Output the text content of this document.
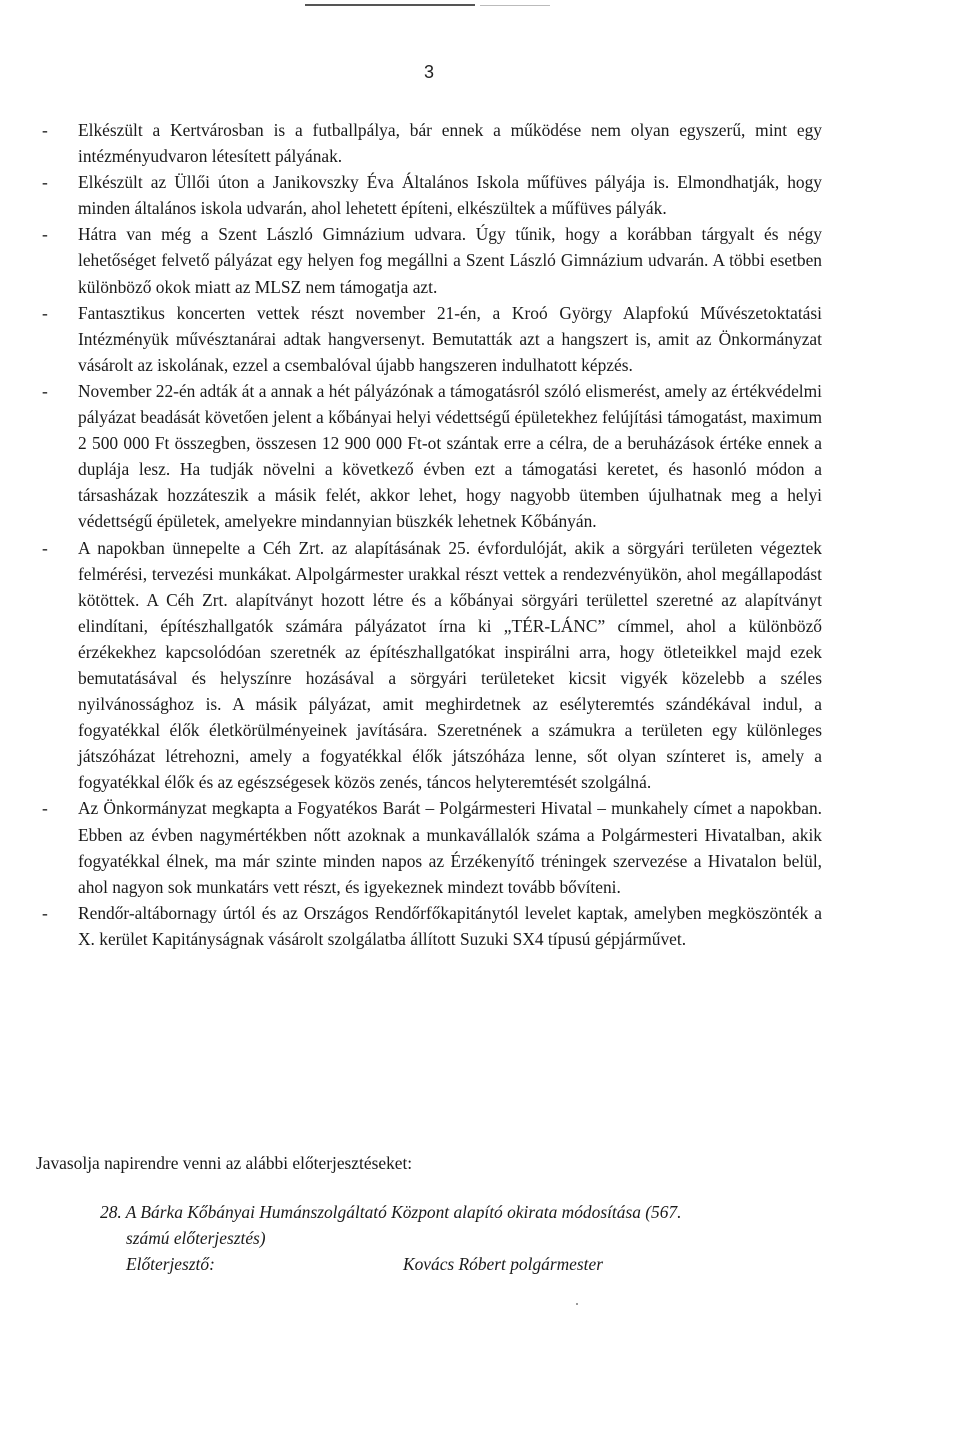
3
- Elkészült a Kertvárosban is a futballpálya, bár ennek a működése nem olyan egyszerű, mint egy intézményudvaron létesített pályának.
- Elkészült az Üllői úton a Janikovszky Éva Általános Iskola műfüves pályája is. Elmondhatják, hogy minden általános iskola udvarán, ahol lehetett építeni, elkészültek a műfüves pályák.
- Hátra van még a Szent László Gimnázium udvara. Úgy tűnik, hogy a korábban tárgyalt és négy lehetőséget felvető pályázat egy helyen fog megállni a Szent László Gimnázium udvarán. A többi esetben különböző okok miatt az MLSZ nem támogatja azt.
- Fantasztikus koncerten vettek részt november 21-én, a Kroó György Alapfokú Művészetoktatási Intézményük művésztanárai adtak hangversenyt. Bemutatták azt a hangszert is, amit az Önkormányzat vásárolt az iskolának, ezzel a csembalóval újabb hangszeren indulhatott képzés.
- November 22-én adták át a annak a hét pályázónak a támogatásról szóló elismerést, amely az értékvédelmi pályázat beadását követően jelent a kőbányai helyi védettségű épületekhez felújítási támogatást, maximum 2 500 000 Ft összegben, összesen 12 900 000 Ft-ot szántak erre a célra, de a beruházások értéke ennek a duplája lesz. Ha tudják növelni a következő évben ezt a támogatási keretet, és hasonló módon a társasházak hozzáteszik a másik felét, akkor lehet, hogy nagyobb ütemben újulhatnak meg a helyi védettségű épületek, amelyekre mindannyian büszkék lehetnek Kőbányán.
- A napokban ünnepelte a Céh Zrt. az alapításának 25. évfordulóját, akik a sörgyári területen végeztek felmérési, tervezési munkákat. Alpolgármester urakkal részt vettek a rendezvényükön, ahol megállapodást kötöttek. A Céh Zrt. alapítványt hozott létre és a kőbányai sörgyári területtel szeretné az alapítványt elindítani, építészhallgatók számára pályázatot írna ki „TÉR-LÁNC” címmel, ahol a különböző érzékekhez kapcsolódóan szeretnék az építészhallgatókat inspirálni arra, hogy ötleteikkel majd ezek bemutatásával és helyszínre hozásával a sörgyári területeket kicsit vigyék közelebb a széles nyilvánossághoz is. A másik pályázat, amit meghirdetnek az esélyteremtés szándékával indul, a fogyatékkal élők életkörülményeinek javítására. Szeretnének a számukra a területen egy különleges játszóházat létrehozni, amely a fogyatékkal élők játszóháza lenne, sőt olyan színteret is, amely a fogyatékkal élők és az egészségesek közös zenés, táncos helyteremtését szolgálná.
- Az Önkormányzat megkapta a Fogyatékos Barát – Polgármesteri Hivatal – munkahely címet a napokban. Ebben az évben nagymértékben nőtt azoknak a munkavállalók száma a Polgármesteri Hivatalban, akik fogyatékkal élnek, ma már szinte minden napos az Érzékenyítő tréningek szervezése a Hivatalon belül, ahol nagyon sok munkatárs vett részt, és igyekeznek mindezt tovább bővíteni.
- Rendőr-altábornagy úrtól és az Országos Rendőrfőkapitánytól levelet kaptak, amelyben megköszönték a X. kerület Kapitányságnak vásárolt szolgálatba állított Suzuki SX4 típusú gépjárművet.

Javasolja napirendre venni az alábbi előterjesztéseket:

28. A Bárka Kőbányai Humánszolgáltató Központ alapító okirata módosítása (567.
számú előterjesztés)
Előterjesztő:	Kovács Róbert polgármester
